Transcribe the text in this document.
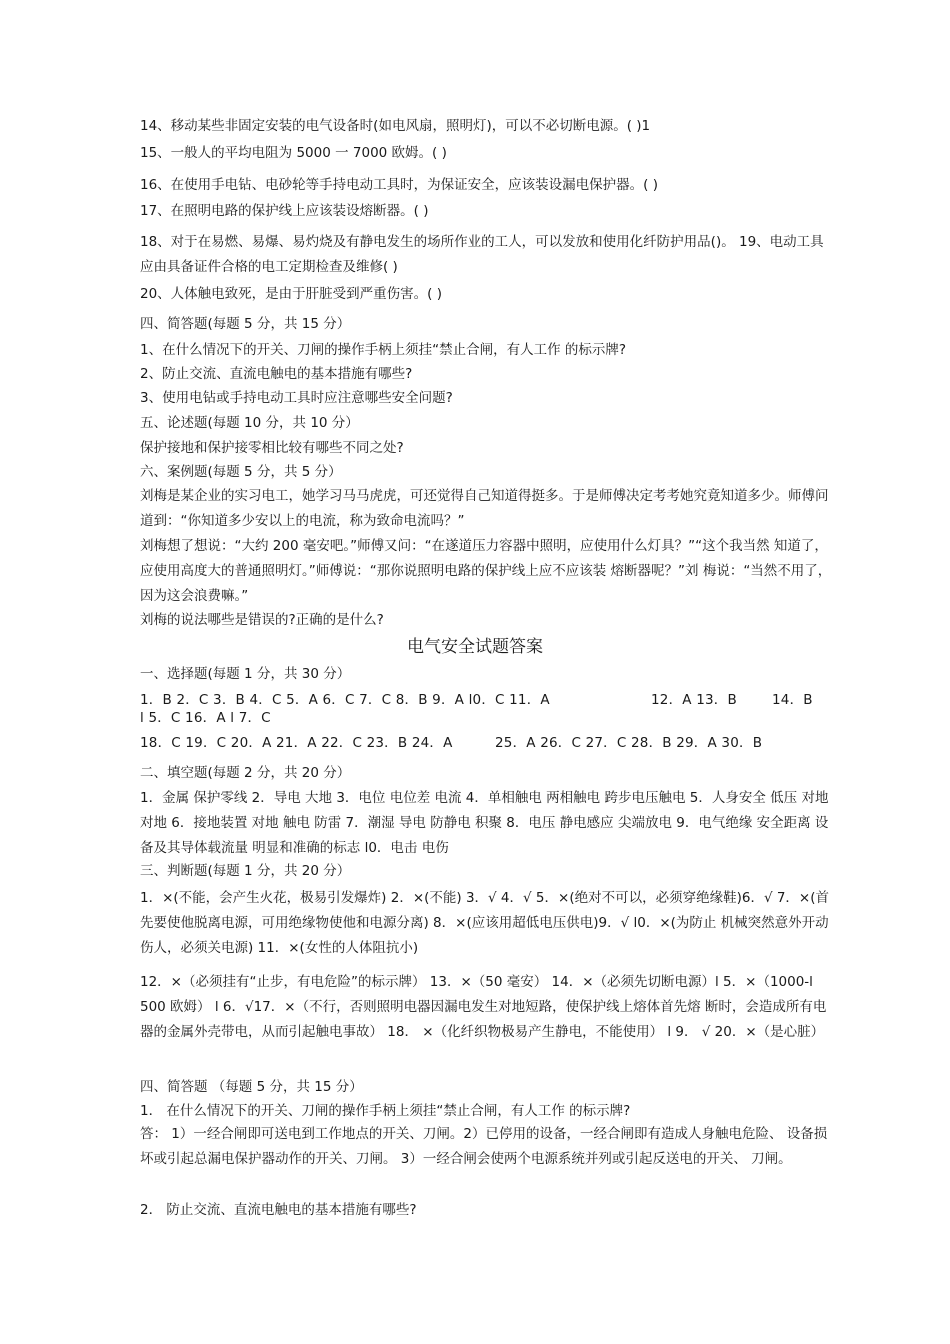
14、移动某些非固定安装的电气设备时(如电风扇，照明灯)，可以不必切断电源。( )1
15、一般人的平均电阻为 5000 一 7000 欧姆。( )
16、在使用手电钻、电砂轮等手持电动工具时，为保证安全，应该装设漏电保护器。( )
17、在照明电路的保护线上应该装设熔断器。( )
18、对于在易燃、易爆、易灼烧及有静电发生的场所作业的工人，可以发放和使用化纤防护用品()。 19、电动工具应由具备证件合格的电工定期检查及维修( )
20、人体触电致死，是由于肝脏受到严重伤害。( )
四、简答题(每题 5 分，共 15 分）
1、在什么情况下的开关、刀闸的操作手柄上须挂“禁止合闸，有人工作 的标示牌?
2、防止交流、直流电触电的基本措施有哪些?
3、使用电钻或手持电动工具时应注意哪些安全问题?
五、论述题(每题 10 分，共 10 分）
保护接地和保护接零相比较有哪些不同之处?
六、案例题(每题 5 分，共 5 分）
刘梅是某企业的实习电工，她学习马马虎虎，可还觉得自己知道得挺多。于是师傅决定考考她究竟知道多少。师傅问道到：“你知道多少安以上的电流，称为致命电流吗？”
刘梅想了想说：“大约 200 毫安吧。”师傅又问：“在遂道压力容器中照明，应使用什么灯具？”“这个我当然 知道了，应使用高度大的普通照明灯。”师傅说：“那你说照明电路的保护线上应不应该装 熔断器呢？”刘 梅说：“当然不用了，因为这会浪费嘛。”
刘梅的说法哪些是错误的?正确的是什么?
电气安全试题答案
一、选择题(每题 1 分，共 30 分）
1．B 2．C 3．B 4．C 5．A 6．C 7．C 8．B 9．A l0．C 11．A	12．A 13．B	14．B
l 5．C 16．A l 7．C
18．C 19．C 20．A 21．A 22．C 23．B 24．A	25．A 26．C 27．C 28．B 29．A 30．B
二、填空题(每题 2 分，共 20 分）
1．金属 保护零线 2．导电 大地 3．电位 电位差 电流 4．单相触电 两相触电 跨步电压触电 5．人身安全 低压 对地 对地 6．接地装置 对地 触电 防雷 7．潮湿 导电 防静电 积聚 8．电压 静电感应 尖端放电 9．电气绝缘 安全距离 设备及其导体载流量 明显和准确的标志 l0．电击 电伤
三、判断题(每题 1 分，共 20 分）
1．×(不能，会产生火花，极易引发爆炸) 2．×(不能) 3．√ 4．√ 5．×(绝对不可以，必须穿绝缘鞋)6．√ 7．×(首先要使他脱离电源，可用绝缘物使他和电源分离) 8．×(应该用超低电压供电)9．√ l0．×(为防止 机械突然意外开动伤人，必须关电源) 11．×(女性的人体阻抗小)
12．×（必须挂有“止步，有电危险”的标示牌） 13．×（50 毫安） 14．×（必须先切断电源）l 5．×（1000-l 500 欧姆） l 6．√17．×（不行，否则照明电器因漏电发生对地短路，使保护线上熔体首先熔 断时，会造成所有电器的金属外壳带电，从而引起触电事故） 18． ×（化纤织物极易产生静电，不能使用） l 9． √ 20．×（是心脏）
四、简答题 （每题 5 分，共 15 分）
1． 在什么情况下的开关、刀闸的操作手柄上须挂“禁止合闸，有人工作 的标示牌?
答： 1）一经合闸即可送电到工作地点的开关、刀闸。2）已停用的设备，一经合闸即有造成人身触电危险、 设备损坏或引起总漏电保护器动作的开关、刀闸。 3）一经合闸会使两个电源系统并列或引起反送电的开关、 刀闸。
2． 防止交流、直流电触电的基本措施有哪些?
